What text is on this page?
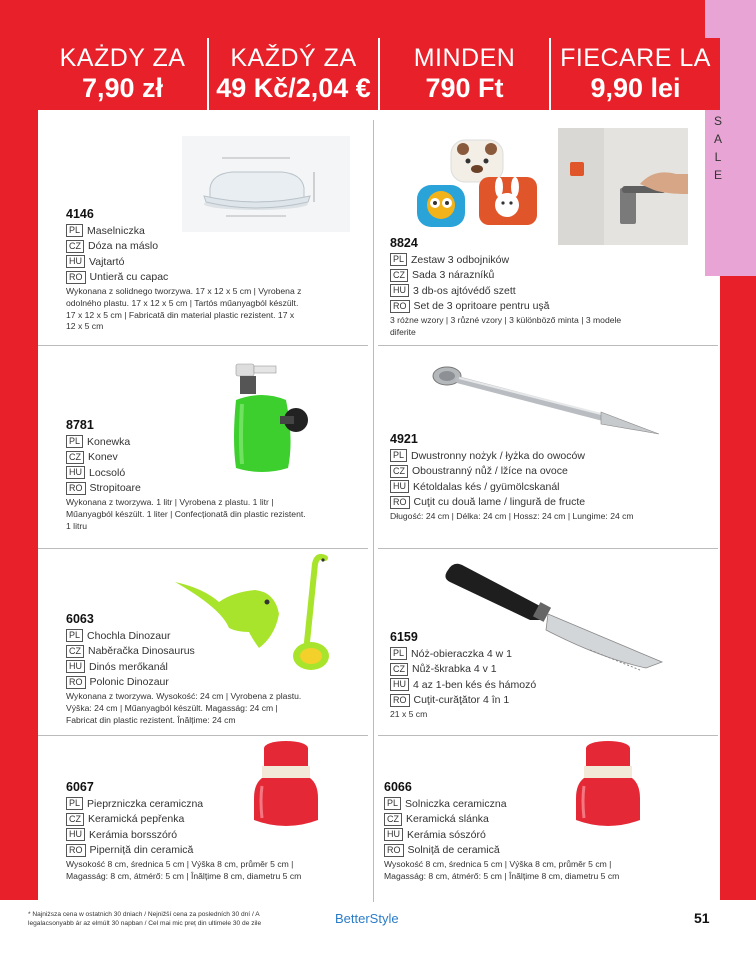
S
A
L
E
KAŻDY ZA
7,90 zł
KAŽDÝ ZA
49 Kč/2,04 €
MINDEN
790 Ft
FIECARE LA
9,90 lei
4146
PL Maselniczka
CZ Dóza na máslo
HU Vajtartó
RO Untieră cu capac
Wykonana z solidnego tworzywa. 17 x 12 x 5 cm | Vyrobena z odolného plastu. 17 x 12 x 5 cm | Tartós műanyagból készült. 17 x 12 x 5 cm | Fabricată din material plastic rezistent. 17 x 12 x 5 cm
8824
PL Zestaw 3 odbojników
CZ Sada 3 nárazníků
HU 3 db-os ajtóvédő szett
RO Set de 3 opritoare pentru uşă
3 różne wzory | 3 různé vzory | 3 különböző minta | 3 modele diferite
8781
PL Konewka
CZ Konev
HU Locsoló
RO Stropitoare
Wykonana z tworzywa. 1 litr | Vyrobena z plastu. 1 litr | Műanyagból készült. 1 liter | Confecționată din plastic rezistent. 1 litru
4921
PL Dwustronny nożyk / łyżka do owoców
CZ Oboustranný nůž / lžíce na ovoce
HU Kétoldalas kés / gyümölcskanál
RO Cuţit cu două lame / lingură de fructe
Długość: 24 cm | Délka: 24 cm | Hossz: 24 cm | Lungime: 24 cm
6063
PL Chochla Dinozaur
CZ Naběračka Dinosaurus
HU Dinós merőkanál
RO Polonic Dinozaur
Wykonana z tworzywa. Wysokość: 24 cm | Vyrobena z plastu. Výška: 24 cm | Műanyagból készült. Magasság: 24 cm | Fabricat din plastic rezistent. Înălțime: 24 cm
6159
PL Nóż-obieraczka 4 w 1
CZ Nůž-škrabka 4 v 1
HU 4 az 1-ben kés és hámozó
RO Cuţit-curăţător 4 în 1
21 x 5 cm
6067
PL Pieprzniczka ceramiczna
CZ Keramická pepřenka
HU Kerámia borsszóró
RO Piperniță din ceramică
Wysokość 8 cm, średnica 5 cm | Výška 8 cm, průměr 5 cm | Magasság: 8 cm, átmérő: 5 cm | Înălțime 8 cm, diametru 5 cm
6066
PL Solniczka ceramiczna
CZ Keramická slánka
HU Kerámia sószóró
RO Solniță de ceramică
Wysokość 8 cm, średnica 5 cm | Výška 8 cm, průměr 5 cm | Magasság: 8 cm, átmérő: 5 cm | Înălțime 8 cm, diametru 5 cm
* Najniższa cena w ostatnich 30 dniach / Nejnižší cena za posledních 30 dní / A legalacsonyabb ár az elmúlt 30 napban / Cel mai mic preț din ultimele 30 de zile	BetterStyle	51
